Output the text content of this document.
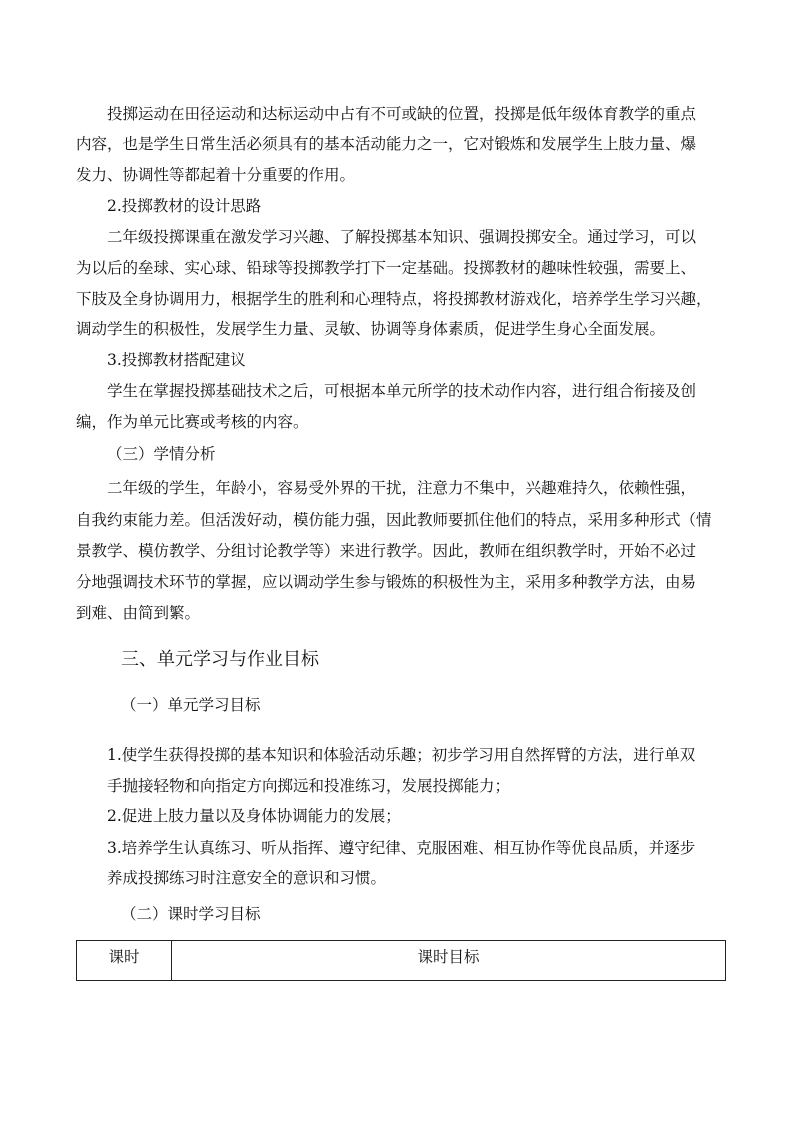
投掷运动在田径运动和达标运动中占有不可或缺的位置，投掷是低年级体育教学的重点
内容，也是学生日常生活必须具有的基本活动能力之一，它对锻炼和发展学生上肢力量、爆
发力、协调性等都起着十分重要的作用。
2.投掷教材的设计思路
二年级投掷课重在激发学习兴趣、了解投掷基本知识、强调投掷安全。通过学习，可以
为以后的垒球、实心球、铅球等投掷教学打下一定基础。投掷教材的趣味性较强，需要上、
下肢及全身协调用力，根据学生的胜利和心理特点，将投掷教材游戏化，培养学生学习兴趣，
调动学生的积极性，发展学生力量、灵敏、协调等身体素质，促进学生身心全面发展。
3.投掷教材搭配建议
学生在掌握投掷基础技术之后，可根据本单元所学的技术动作内容，进行组合衔接及创
编，作为单元比赛或考核的内容。
（三）学情分析
二年级的学生，年龄小，容易受外界的干扰，注意力不集中，兴趣难持久，依赖性强，
自我约束能力差。但活泼好动，模仿能力强，因此教师要抓住他们的特点，采用多种形式（情
景教学、模仿教学、分组讨论教学等）来进行教学。因此，教师在组织教学时，开始不必过
分地强调技术环节的掌握，应以调动学生参与锻炼的积极性为主，采用多种教学方法，由易
到难、由简到繁。
三、单元学习与作业目标
（一）单元学习目标
1.使学生获得投掷的基本知识和体验活动乐趣；初步学习用自然挥臂的方法，进行单双
手抛接轻物和向指定方向掷远和投准练习，发展投掷能力；
2.促进上肢力量以及身体协调能力的发展；
3.培养学生认真练习、听从指挥、遵守纪律、克服困难、相互协作等优良品质，并逐步
养成投掷练习时注意安全的意识和习惯。
（二）课时学习目标
课时	课时目标
